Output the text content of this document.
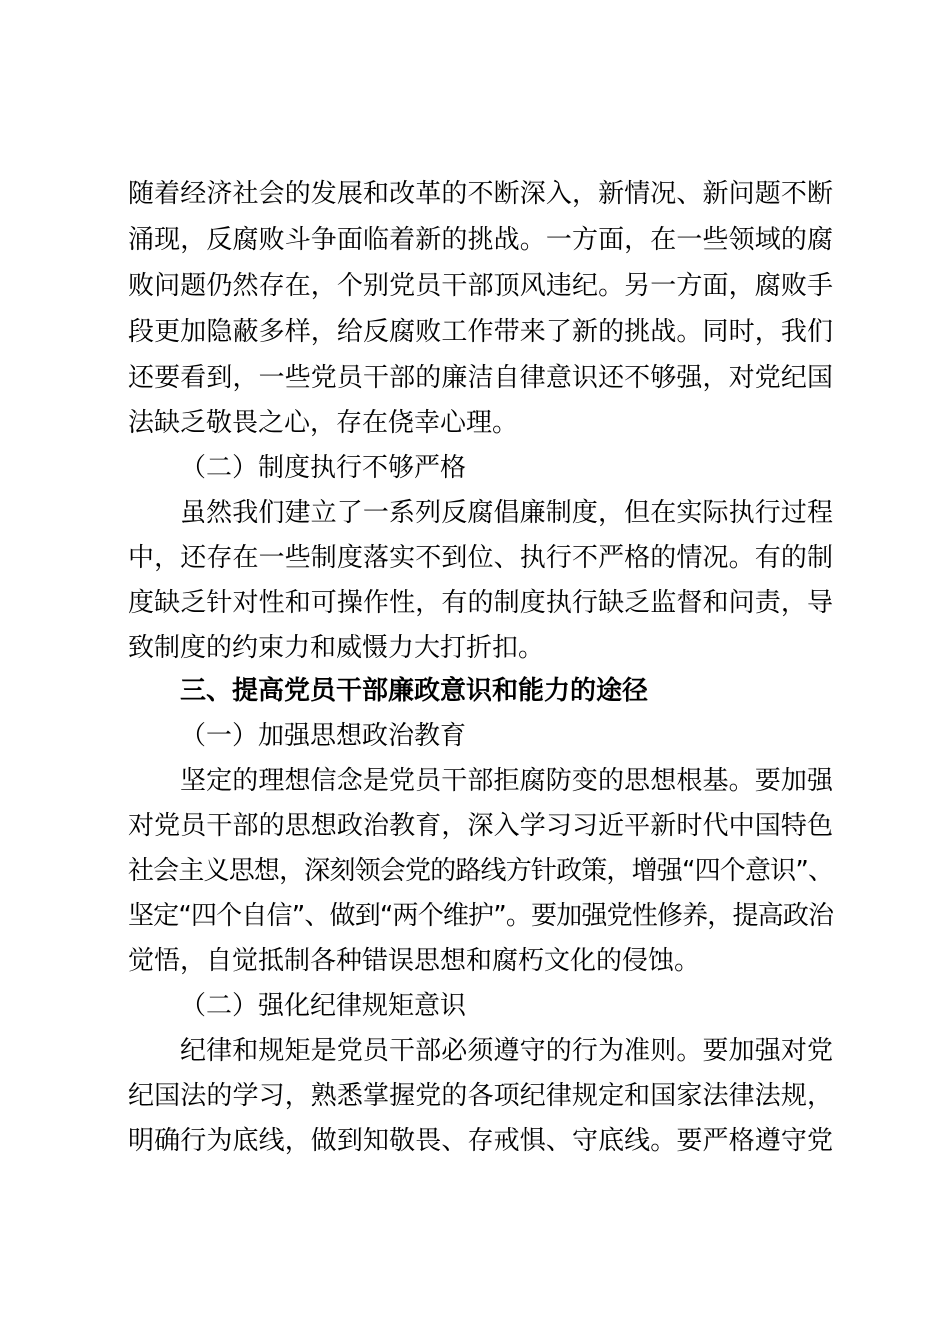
随着经济社会的发展和改革的不断深入，新情况、新问题不断

涌现，反腐败斗争面临着新的挑战。一方面，在一些领域的腐

败问题仍然存在，个别党员干部顶风违纪。另一方面，腐败手

段更加隐蔽多样，给反腐败工作带来了新的挑战。同时，我们

还要看到，一些党员干部的廉洁自律意识还不够强，对党纪国

法缺乏敬畏之心，存在侥幸心理。

（二）制度执行不够严格

虽然我们建立了一系列反腐倡廉制度，但在实际执行过程

中，还存在一些制度落实不到位、执行不严格的情况。有的制

度缺乏针对性和可操作性，有的制度执行缺乏监督和问责，导

致制度的约束力和威慑力大打折扣。

三、提高党员干部廉政意识和能力的途径

（一）加强思想政治教育

坚定的理想信念是党员干部拒腐防变的思想根基。要加强

对党员干部的思想政治教育，深入学习习近平新时代中国特色

社会主义思想，深刻领会党的路线方针政策，增强“四个意识”、

坚定“四个自信”、做到“两个维护”。要加强党性修养，提高政治

觉悟，自觉抵制各种错误思想和腐朽文化的侵蚀。

（二）强化纪律规矩意识

纪律和规矩是党员干部必须遵守的行为准则。要加强对党

纪国法的学习，熟悉掌握党的各项纪律规定和国家法律法规，

明确行为底线，做到知敬畏、存戒惧、守底线。要严格遵守党
